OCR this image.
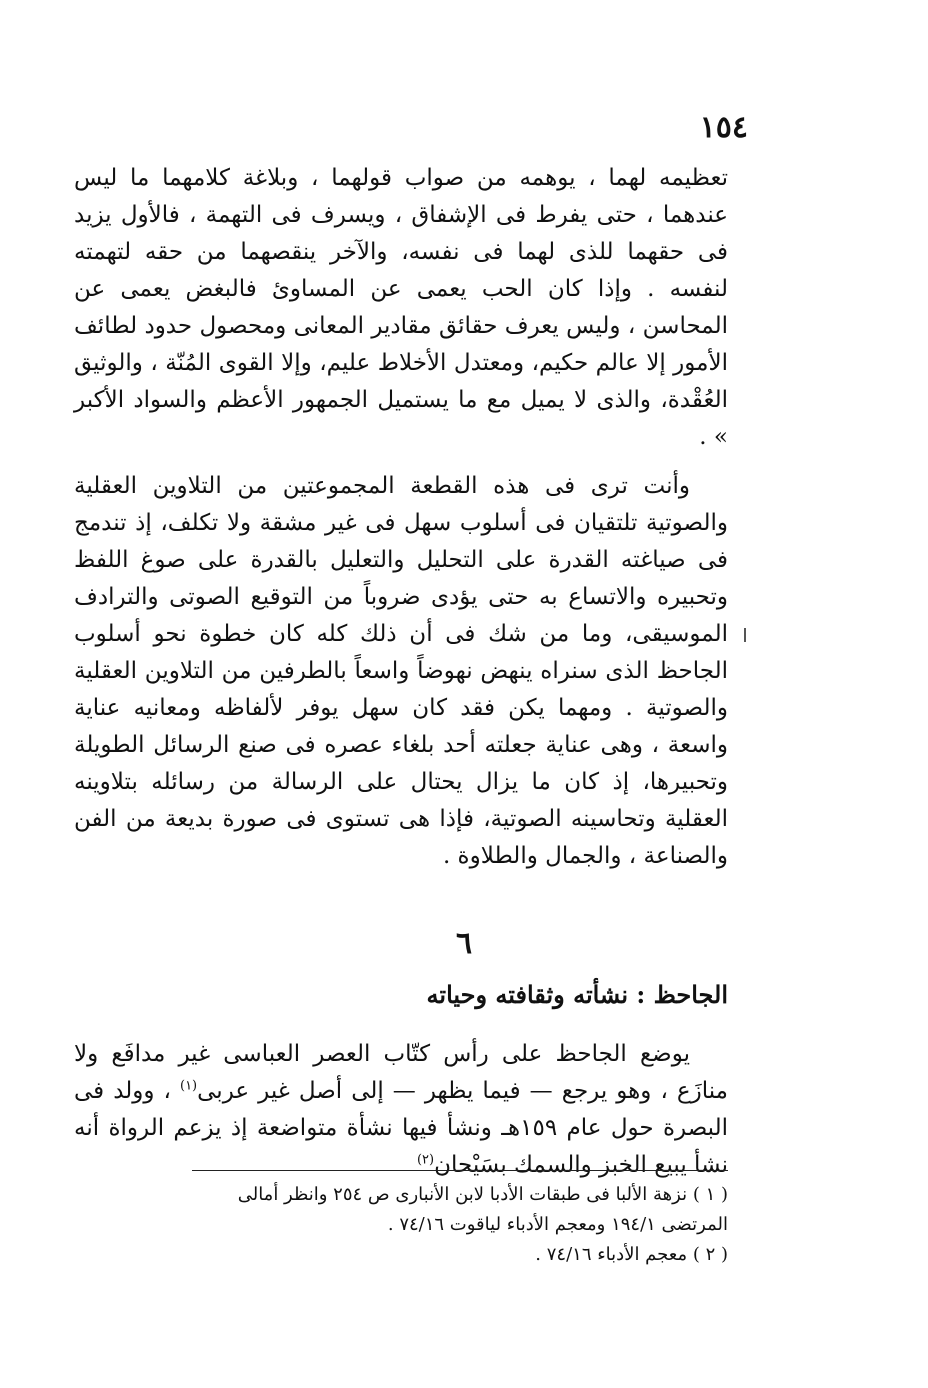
١٥٤

تعظيمه لهما ، يوهمه من صواب قولهما ، وبلاغة كلامهما ما ليس عندهما ، حتى يفرط فى الإشفاق ، ويسرف فى التهمة ، فالأول يزيد فى حقهما للذى لهما فى نفسه، والآخر ينقصهما من حقه لتهمته لنفسه . وإذا كان الحب يعمى عن المساوئ فالبغض يعمى عن المحاسن ، وليس يعرف حقائق مقادير المعانى ومحصول حدود لطائف الأمور إلا عالم حكيم، ومعتدل الأخلاط عليم، وإلا القوى المُنّة ، والوثيق العُقْدة، والذى لا يميل مع ما يستميل الجمهور الأعظم والسواد الأكبر » .

وأنت ترى فى هذه القطعة المجموعتين من التلاوين العقلية والصوتية تلتقيان فى أسلوب سهل فى غير مشقة ولا تكلف، إذ تندمج فى صياغته القدرة على التحليل والتعليل بالقدرة على صوغ اللفظ وتحبيره والاتساع به حتى يؤدى ضروباً من التوقيع الصوتى والترادف الموسيقى، وما من شك فى أن ذلك كله كان خطوة نحو أسلوب الجاحظ الذى سنراه ينهض نهوضاً واسعاً بالطرفين من التلاوين العقلية والصوتية . ومهما يكن فقد كان سهل يوفر لألفاظه ومعانيه عناية واسعة ، وهى عناية جعلته أحد بلغاء عصره فى صنع الرسائل الطويلة وتحبيرها، إذ كان ما يزال يحتال على الرسالة من رسائله بتلاوينه العقلية وتحاسينه الصوتية، فإذا هى تستوى فى صورة بديعة من الفن والصناعة ، والجمال والطلاوة .

٦
الجاحظ : نشأته وثقافته وحياته

يوضع الجاحظ على رأس كتّاب العصر العباسى غير مدافَع ولا منازَع ، وهو يرجع — فيما يظهر — إلى أصل غير عربى$^{(١)}$ ، وولد فى البصرة حول عام ١٥٩هـ ونشأ فيها نشأة متواضعة إذ يزعم الرواة أنه نشأ يبيع الخبز والسمك بسَيْحان$^{(٢)}$

( ١ ) نزهة الألبا فى طبقات الأدبا لابن الأنبارى ص ٢٥٤ وانظر أمالى المرتضى ١٩٤/١ ومعجم الأدباء لياقوت ٧٤/١٦ .

( ٢ ) معجم الأدباء ٧٤/١٦ .
